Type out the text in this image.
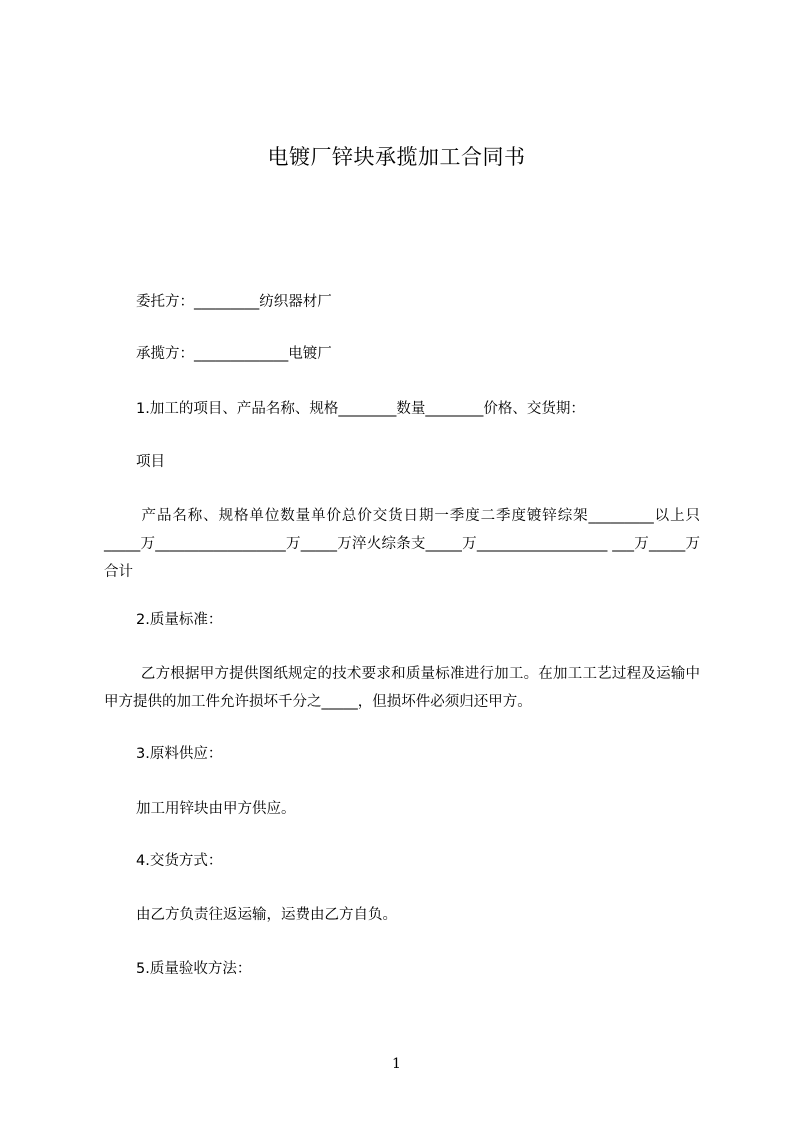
电镀厂锌块承揽加工合同书
委托方：_________纺织器材厂
承揽方：_____________电镀厂
1.加工的项目、产品名称、规格________数量________价格、交货期：
项目
产品名称、规格单位数量单价总价交货日期一季度二季度镀锌综架_________以上只_____万__________________万_____万淬火综条支_____万__________________ ___万_____万合计
2.质量标准：
乙方根据甲方提供图纸规定的技术要求和质量标准进行加工。在加工工艺过程及运输中甲方提供的加工件允许损坏千分之_____，但损坏件必须归还甲方。
3.原料供应：
加工用锌块由甲方供应。
4.交货方式：
由乙方负责往返运输，运费由乙方自负。
5.质量验收方法：
1
